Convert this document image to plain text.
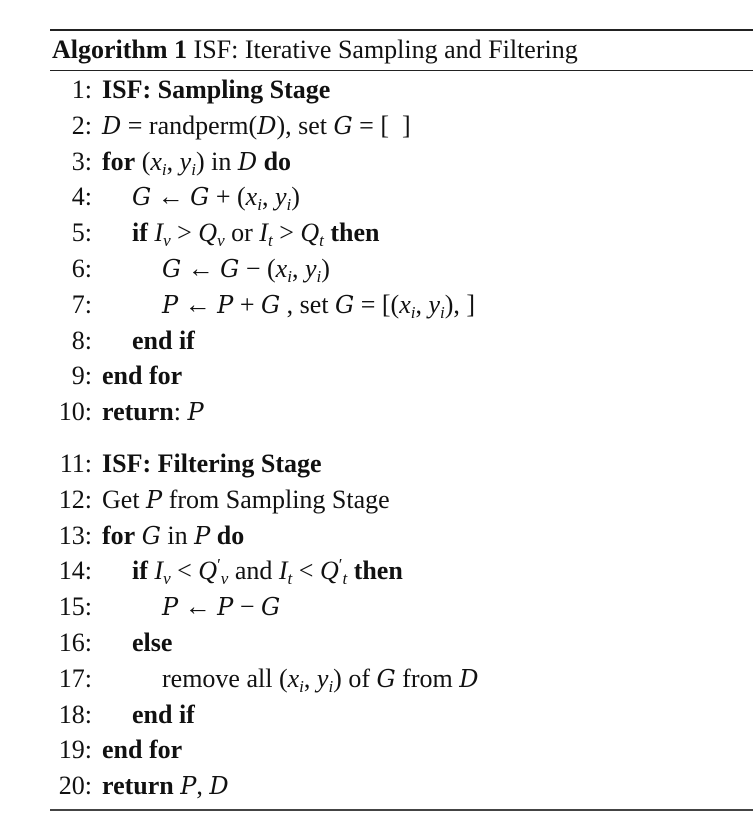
Algorithm 1 ISF: Iterative Sampling and Filtering
1: ISF: Sampling Stage
2: D = randperm(D), set G = [  ]
3: for ($x_i$, $y_i$) in D do
4:	G ← $G + (x_i$, $y_i$)
5:	if $I_v > Q_v$ or $I_t > Q_t$ then
6:	G ← $G - (x_i$, $y_i$)
7:	P ← P + G , set $G = [(x_i$, $y_i$), ]
8:	end if
9: end for
10: return: P
11: ISF: Filtering Stage
12: Get P from Sampling Stage
13: for G in P do
14:	if $I_v < Q'_v$ and $I_t < Q'_t$ then
15:	P ← P − G
16:	else
17:	remove all ($x_i$, $y_i$) of G from D
18:	end if
19: end for
20: return P, D
